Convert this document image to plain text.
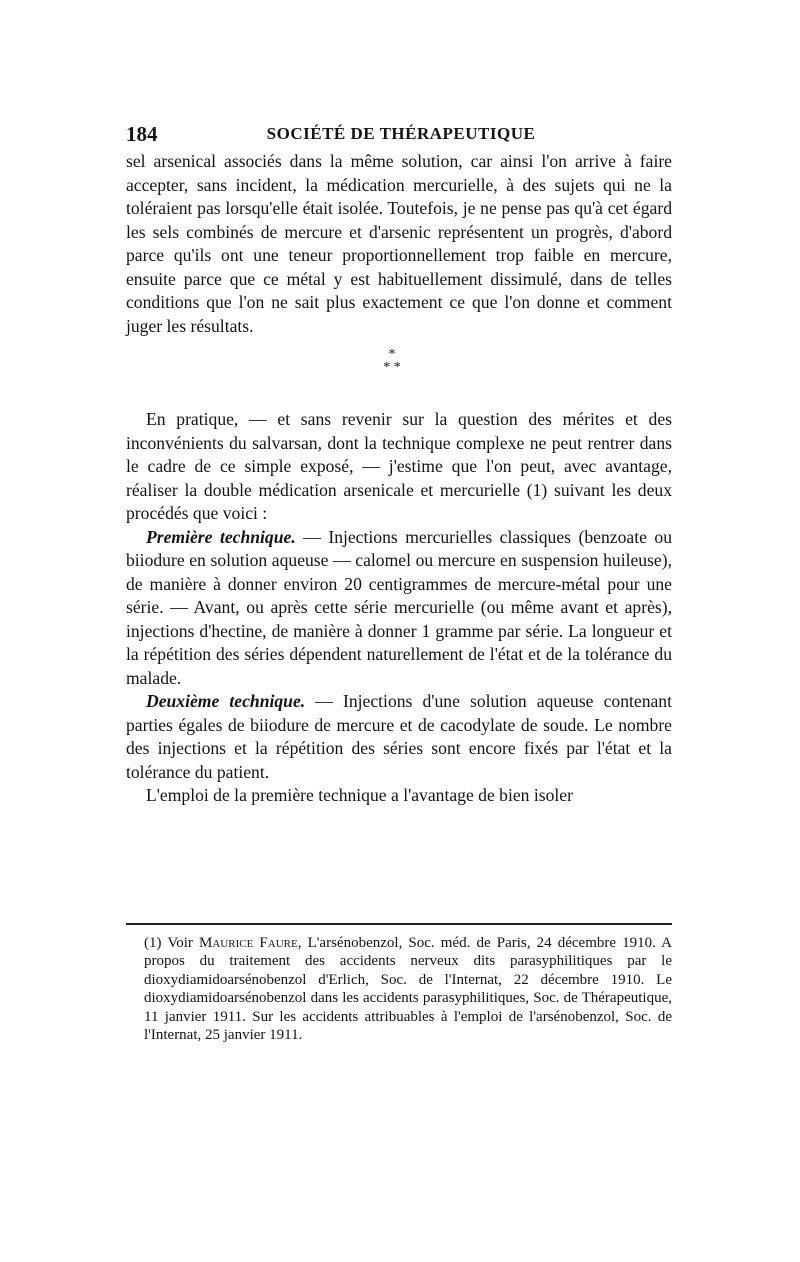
184	SOCIÉTÉ DE THÉRAPEUTIQUE

sel arsenical associés dans la même solution, car ainsi l'on arrive à faire accepter, sans incident, la médication mercurielle, à des sujets qui ne la toléraient pas lorsqu'elle était isolée. Toutefois, je ne pense pas qu'à cet égard les sels combinés de mercure et d'arsenic représentent un progrès, d'abord parce qu'ils ont une teneur proportionnellement trop faible en mercure, ensuite parce que ce métal y est habituellement dissimulé, dans de telles conditions que l'on ne sait plus exactement ce que l'on donne et comment juger les résultats.

*
* *

En pratique, — et sans revenir sur la question des mérites et des inconvénients du salvarsan, dont la technique complexe ne peut rentrer dans le cadre de ce simple exposé, — j'estime que l'on peut, avec avantage, réaliser la double médication arsenicale et mercurielle (1) suivant les deux procédés que voici :

Première technique. — Injections mercurielles classiques (benzoate ou biiodure en solution aqueuse — calomel ou mercure en suspension huileuse), de manière à donner environ 20 centigrammes de mercure-métal pour une série. — Avant, ou après cette série mercurielle (ou même avant et après), injections d'hectine, de manière à donner 1 gramme par série. La longueur et la répétition des séries dépendent naturellement de l'état et de la tolérance du malade.

Deuxième technique. — Injections d'une solution aqueuse contenant parties égales de biiodure de mercure et de cacodylate de soude. Le nombre des injections et la répétition des séries sont encore fixés par l'état et la tolérance du patient.

L'emploi de la première technique a l'avantage de bien isoler

(1) Voir Maurice Faure, L'arsénobenzol, Soc. méd. de Paris, 24 décembre 1910. A propos du traitement des accidents nerveux dits parasyphilitiques par le dioxydiamidoarsénobenzol d'Erlich, Soc. de l'Internat, 22 décembre 1910. Le dioxydiamidoarsénobenzol dans les accidents parasyphilitiques, Soc. de Thérapeutique, 11 janvier 1911. Sur les accidents attribuables à l'emploi de l'arsénobenzol, Soc. de l'Internat, 25 janvier 1911.
